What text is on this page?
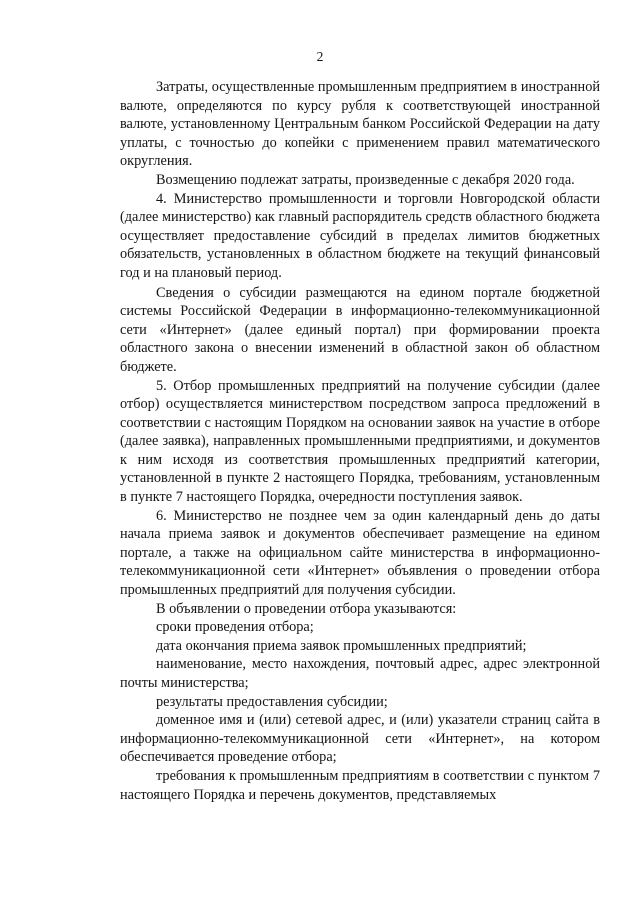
2

Затраты, осуществленные промышленным предприятием в иностранной валюте, определяются по курсу рубля к соответствующей иностранной валюте, установленному Центральным банком Российской Федерации на дату уплаты, с точностью до копейки с применением правил математического округления.

Возмещению подлежат затраты, произведенные с декабря 2020 года.

4. Министерство промышленности и торговли Новгородской области (далее министерство) как главный распорядитель средств областного бюджета осуществляет предоставление субсидий в пределах лимитов бюджетных обязательств, установленных в областном бюджете на текущий финансовый год и на плановый период.

Сведения о субсидии размещаются на едином портале бюджетной системы Российской Федерации в информационно-телекоммуникационной сети «Интернет» (далее единый портал) при формировании проекта областного закона о внесении изменений в областной закон об областном бюджете.

5. Отбор промышленных предприятий на получение субсидии (далее отбор) осуществляется министерством посредством запроса предложений в соответствии с настоящим Порядком на основании заявок на участие в отборе (далее заявка), направленных промышленными предприятиями, и документов к ним исходя из соответствия промышленных предприятий категории, установленной в пункте 2 настоящего Порядка, требованиям, установленным в пункте 7 настоящего Порядка, очередности поступления заявок.

6. Министерство не позднее чем за один календарный день до даты начала приема заявок и документов обеспечивает размещение на едином портале, а также на официальном сайте министерства в информационно-телекоммуникационной сети «Интернет» объявления о проведении отбора промышленных предприятий для получения субсидии.

В объявлении о проведении отбора указываются:

сроки проведения отбора;

дата окончания приема заявок промышленных предприятий;

наименование, место нахождения, почтовый адрес, адрес электронной почты министерства;

результаты предоставления субсидии;

доменное имя и (или) сетевой адрес, и (или) указатели страниц сайта в информационно-телекоммуникационной сети «Интернет», на котором обеспечивается проведение отбора;

требования к промышленным предприятиям в соответствии с пунктом 7 настоящего Порядка и перечень документов, представляемых
